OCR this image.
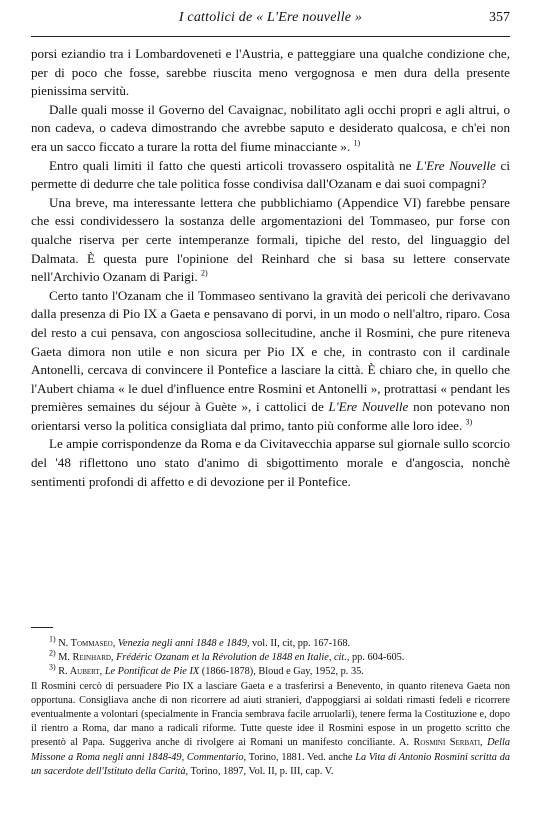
I cattolici de « L'Ere nouvelle »	357

porsi eziandio tra i Lombardoveneti e l'Austria, e patteggiare una qualche condizione che, per di poco che fosse, sarebbe riuscita meno vergognosa e men dura della presente pienissima servitù.

Dalle quali mosse il Governo del Cavaignac, nobilitato agli occhi propri e agli altrui, o non cadeva, o cadeva dimostrando che avrebbe saputo e desiderato qualcosa, e ch'ei non era un sacco ficcato a turare la rotta del fiume minacciante ». $^{1)}$

Entro quali limiti il fatto che questi articoli trovassero ospitalità ne L'Ere Nouvelle ci permette di dedurre che tale politica fosse condivisa dall'Ozanam e dai suoi compagni?

Una breve, ma interessante lettera che pubblichiamo (Appendice VI) farebbe pensare che essi condividessero la sostanza delle argomentazioni del Tommaseo, pur forse con qualche riserva per certe intemperanze formali, tipiche del resto, del linguaggio del Dalmata. È questa pure l'opinione del Reinhard che si basa su lettere conservate nell'Archivio Ozanam di Parigi. $^{2)}$

Certo tanto l'Ozanam che il Tommaseo sentivano la gravità dei pericoli che derivavano dalla presenza di Pio IX a Gaeta e pensavano di porvi, in un modo o nell'altro, riparo. Cosa del resto a cui pensava, con angosciosa sollecitudine, anche il Rosmini, che pure riteneva Gaeta dimora non utile e non sicura per Pio IX e che, in contrasto con il cardinale Antonelli, cercava di convincere il Pontefice a lasciare la città. È chiaro che, in quello che l'Aubert chiama « le duel d'influence entre Rosmini et Antonelli », protrattasi « pendant les premières semaines du séjour à Guète », i cattolici de L'Ere Nouvelle non potevano non orientarsi verso la politica consigliata dal primo, tanto più conforme alle loro idee. $^{3)}$

Le ampie corrispondenze da Roma e da Civitavecchia apparse sul giornale sullo scorcio del '48 riflettono uno stato d'animo di sbigottimento morale e d'angoscia, nonchè sentimenti profondi di affetto e di devozione per il Pontefice.

$^{1)}$ N. Tommaseo, Venezia negli anni 1848 e 1849, vol. II, cit, pp. 167-168.

$^{2)}$ M. Reinhard, Frédéric Ozanam et la Révolution de 1848 en Italie, cit., pp. 604-605.

$^{3)}$ R. Aubert, Le Pontificat de Pie IX (1866-1878), Bloud e Gay, 1952, p. 35.

Il Rosmini cercò di persuadere Pio IX a lasciare Gaeta e a trasferirsi a Benevento, in quanto riteneva Gaeta non opportuna. Consigliava anche di non ricorrere ad aiuti stranieri, d'appoggiarsi ai soldati rimasti fedeli e ricorrere eventualmente a volontari (specialmente in Francia sembrava facile arruolarli), tenere ferma la Costituzione e, dopo il rientro a Roma, dar mano a radicali riforme. Tutte queste idee il Rosmini espose in un progetto scritto che presentò al Papa. Suggeriva anche di rivolgere ai Romani un manifesto conciliante. A. Rosmini Serbati, Della Missone a Roma negli anni 1848-49, Commentario, Torino, 1881. Ved. anche La Vita di Antonio Rosmini scritta da un sacerdote dell'Istituto della Carità, Torino, 1897, Vol. II, p. III, cap. V.
